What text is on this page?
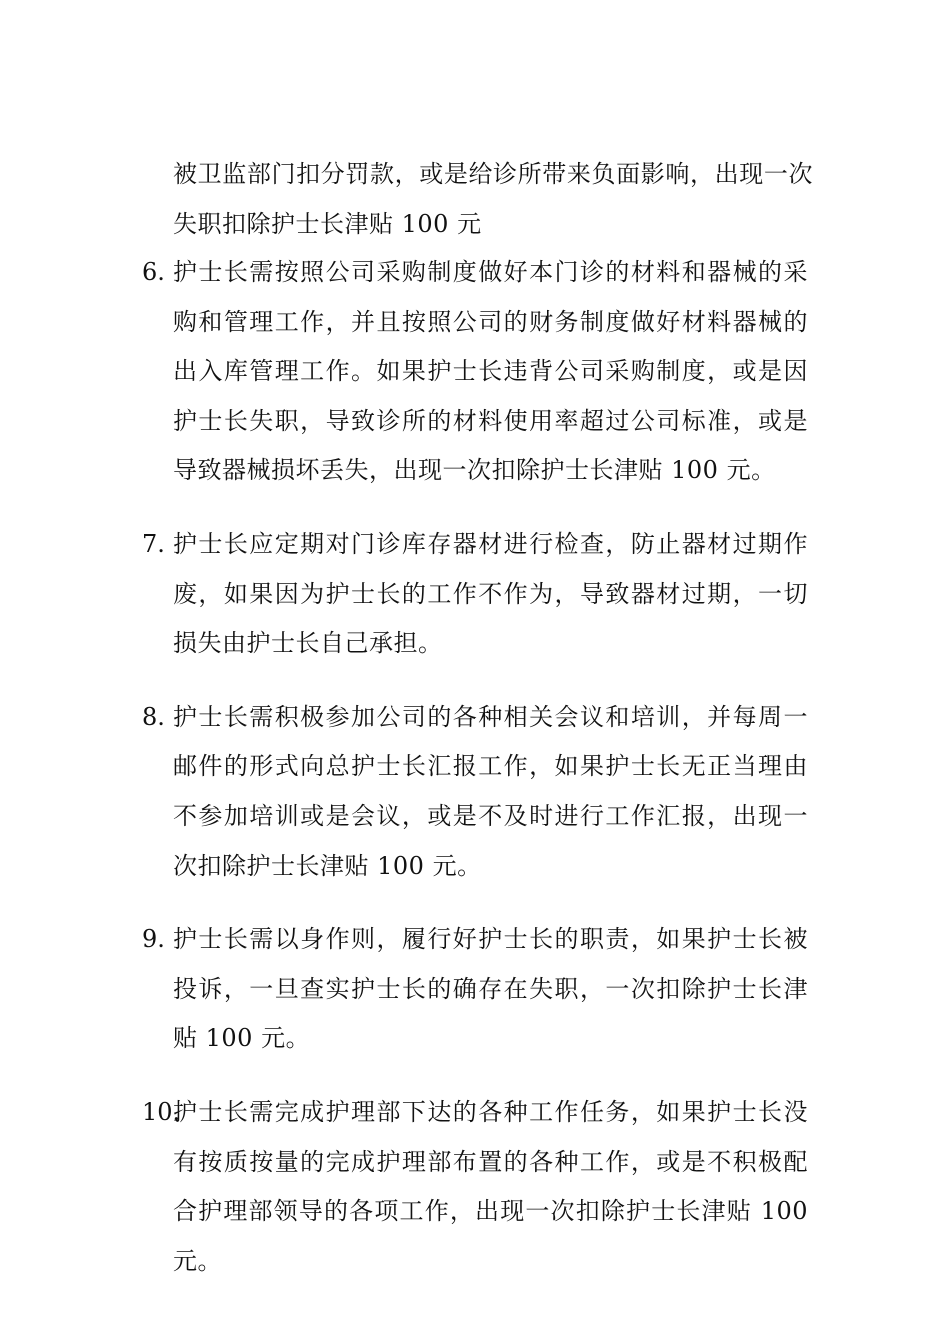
被卫监部门扣分罚款，或是给诊所带来负面影响，出现一次失职扣除护士长津贴 100 元

6. 护士长需按照公司采购制度做好本门诊的材料和器械的采购和管理工作，并且按照公司的财务制度做好材料器械的出入库管理工作。如果护士长违背公司采购制度，或是因护士长失职，导致诊所的材料使用率超过公司标准，或是导致器械损坏丢失，出现一次扣除护士长津贴 100 元。

7. 护士长应定期对门诊库存器材进行检查，防止器材过期作废，如果因为护士长的工作不作为，导致器材过期，一切损失由护士长自己承担。

8. 护士长需积极参加公司的各种相关会议和培训，并每周一邮件的形式向总护士长汇报工作，如果护士长无正当理由不参加培训或是会议，或是不及时进行工作汇报，出现一次扣除护士长津贴 100 元。

9. 护士长需以身作则，履行好护士长的职责，如果护士长被投诉，一旦查实护士长的确存在失职，一次扣除护士长津贴 100 元。

10.

护士长需完成护理部下达的各种工作任务，如果护士长没有按质按量的完成护理部布置的各种工作，或是不积极配合护理部领导的各项工作，出现一次扣除护士长津贴 100 元。
